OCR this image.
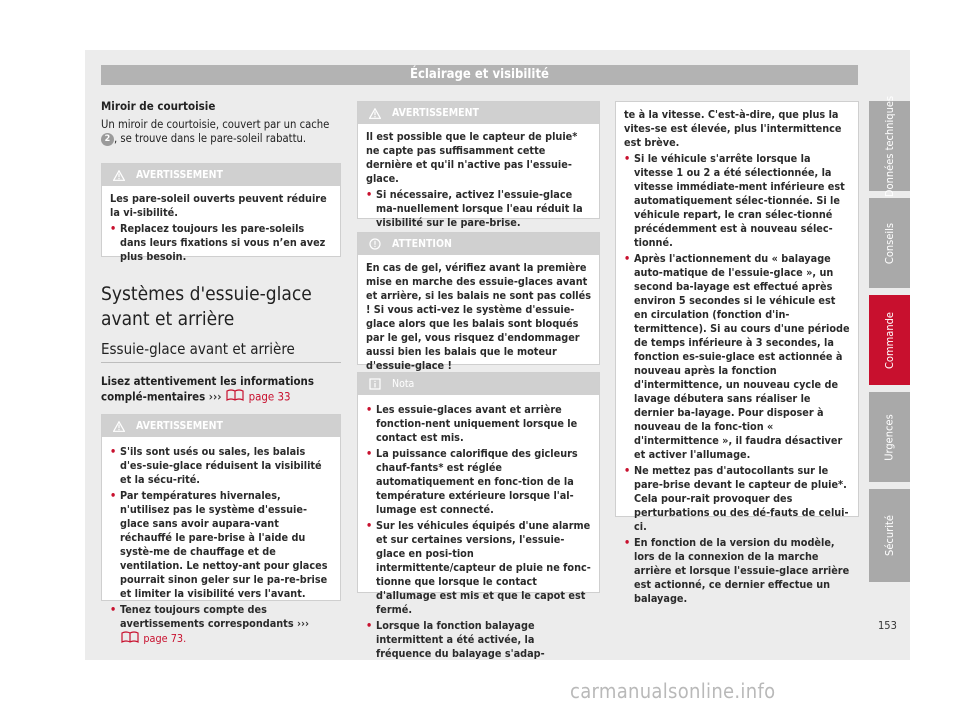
Éclairage et visibilité

Miroir de courtoisie

Un miroir de courtoisie, couvert par un cache 2 , se trouve dans le pare-soleil rabattu.

AVERTISSEMENT

Les pare-soleil ouverts peuvent réduire la vi-sibilité.

• Replacez toujours les pare-soleils dans leurs fixations si vous n’en avez plus besoin.

Systèmes d'essuie-glace avant et arrière
Essuie-glace avant et arrière
Lisez attentivement les informations complé-mentaires ››› page 33
AVERTISSEMENT

• S'ils sont usés ou sales, les balais d'es-suie-glace réduisent la visibilité et la sécu-rité.

• Par températures hivernales, n'utilisez pas le système d'essuie-glace sans avoir aupara-vant réchauffé le pare-brise à l'aide du systè-me de chauffage et de ventilation. Le nettoy-ant pour glaces pourrait sinon geler sur le pa-re-brise et limiter la visibilité vers l'avant.

• Tenez toujours compte des avertissements correspondants ›››  page 73.

AVERTISSEMENT

Il est possible que le capteur de pluie* ne capte pas suffisamment cette dernière et qu'il n'active pas l'essuie-glace.

• Si nécessaire, activez l'essuie-glace ma-nuellement lorsque l'eau réduit la visibilité sur le pare-brise.

ATTENTION

En cas de gel, vérifiez avant la première mise en marche des essuie-glaces avant et arrière, si les balais ne sont pas collés ! Si vous acti-vez le système d'essuie-glace alors que les balais sont bloqués par le gel, vous risquez d'endommager aussi bien les balais que le moteur d'essuie-glace !

Nota

• Les essuie-glaces avant et arrière fonction-nent uniquement lorsque le contact est mis.

• La puissance calorifique des gicleurs chauf-fants* est réglée automatiquement en fonc-tion de la température extérieure lorsque l'al-lumage est connecté.

• Sur les véhicules équipés d'une alarme et sur certaines versions, l'essuie-glace en posi-tion intermittente/capteur de pluie ne fonc-tionne que lorsque le contact d'allumage est mis et que le capot est fermé.

• Lorsque la fonction balayage intermittent a été activée, la fréquence du balayage s'adap-

te à la vitesse. C'est-à-dire, que plus la vites-se est élevée, plus l'intermittence est brève.

• Si le véhicule s'arrête lorsque la vitesse 1 ou 2 a été sélectionnée, la vitesse immédiate-ment inférieure est automatiquement sélec-tionnée. Si le véhicule repart, le cran sélec-tionné précédemment est à nouveau sélec-tionné.

• Après l'actionnement du « balayage auto-matique de l'essuie-glace », un second ba-layage est effectué après environ 5 secondes si le véhicule est en circulation (fonction d'in-termittence). Si au cours d'une période de temps inférieure à 3 secondes, la fonction es-suie-glace est actionnée à nouveau après la fonction d'intermittence, un nouveau cycle de lavage débutera sans réaliser le dernier ba-layage. Pour disposer à nouveau de la fonc-tion « d'intermittence », il faudra désactiver et activer l'allumage.

• Ne mettez pas d'autocollants sur le pare-brise devant le capteur de pluie*. Cela pour-rait provoquer des perturbations ou des dé-fauts de celui-ci.

• En fonction de la version du modèle, lors de la connexion de la marche arrière et lorsque l'essuie-glace arrière est actionné, ce dernier effectue un balayage.

Données techniques
Conseils
Commande
Urgences
Sécurité
153
carmanualsonline.info
